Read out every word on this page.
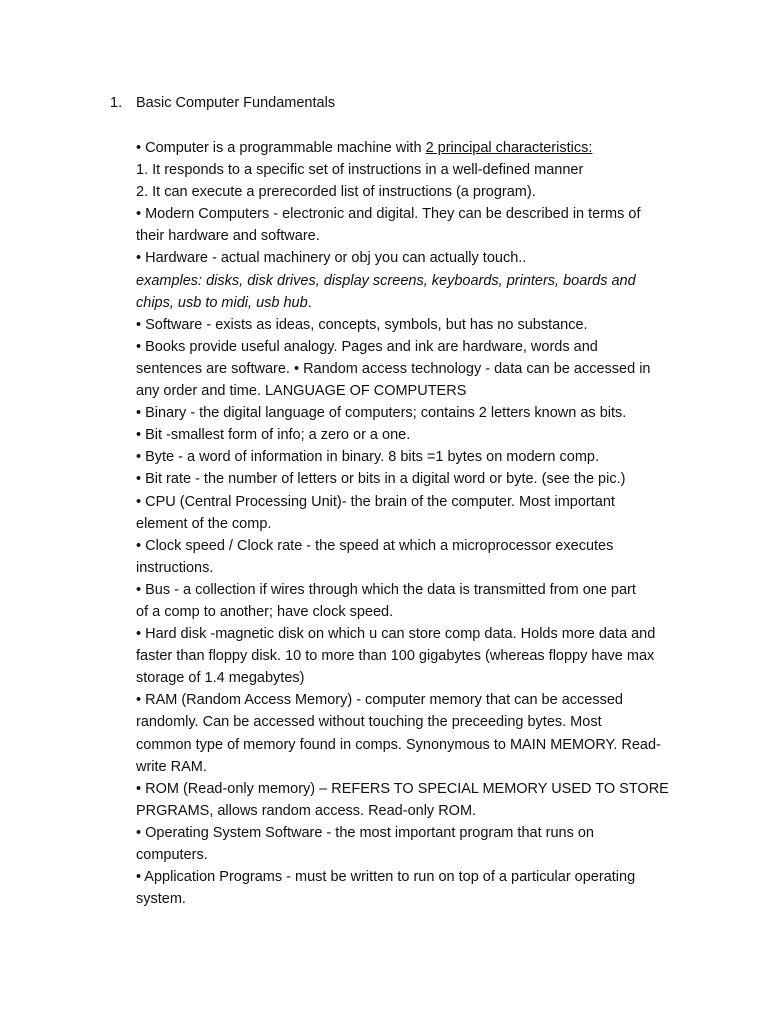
1. Basic Computer Fundamentals
• Computer is a programmable machine with 2 principal characteristics:
1. It responds to a specific set of instructions in a well-defined manner
2. It can execute a prerecorded list of instructions (a program).
• Modern Computers - electronic and digital. They can be described in terms of
their hardware and software.
• Hardware - actual machinery or obj you can actually touch..
examples: disks, disk drives, display screens, keyboards, printers, boards and
chips, usb to midi, usb hub.
• Software - exists as ideas, concepts, symbols, but has no substance.
• Books provide useful analogy. Pages and ink are hardware, words and
sentences are software. • Random access technology - data can be accessed in
any order and time. LANGUAGE OF COMPUTERS
• Binary - the digital language of computers; contains 2 letters known as bits.
• Bit -smallest form of info; a zero or a one.
• Byte - a word of information in binary. 8 bits =1 bytes on modern comp.
• Bit rate - the number of letters or bits in a digital word or byte. (see the pic.)
• CPU (Central Processing Unit)- the brain of the computer. Most important
element of the comp.
• Clock speed / Clock rate - the speed at which a microprocessor executes
instructions.
• Bus - a collection if wires through which the data is transmitted from one part
of a comp to another; have clock speed.
• Hard disk -magnetic disk on which u can store comp data. Holds more data and
faster than floppy disk. 10 to more than 100 gigabytes (whereas floppy have max
storage of 1.4 megabytes)
• RAM (Random Access Memory) - computer memory that can be accessed
randomly. Can be accessed without touching the preceeding bytes. Most
common type of memory found in comps. Synonymous to MAIN MEMORY. Read-
write RAM.
• ROM (Read-only memory) – REFERS TO SPECIAL MEMORY USED TO STORE
PRGRAMS, allows random access. Read-only ROM.
• Operating System Software - the most important program that runs on
computers.
• Application Programs - must be written to run on top of a particular operating
system.
